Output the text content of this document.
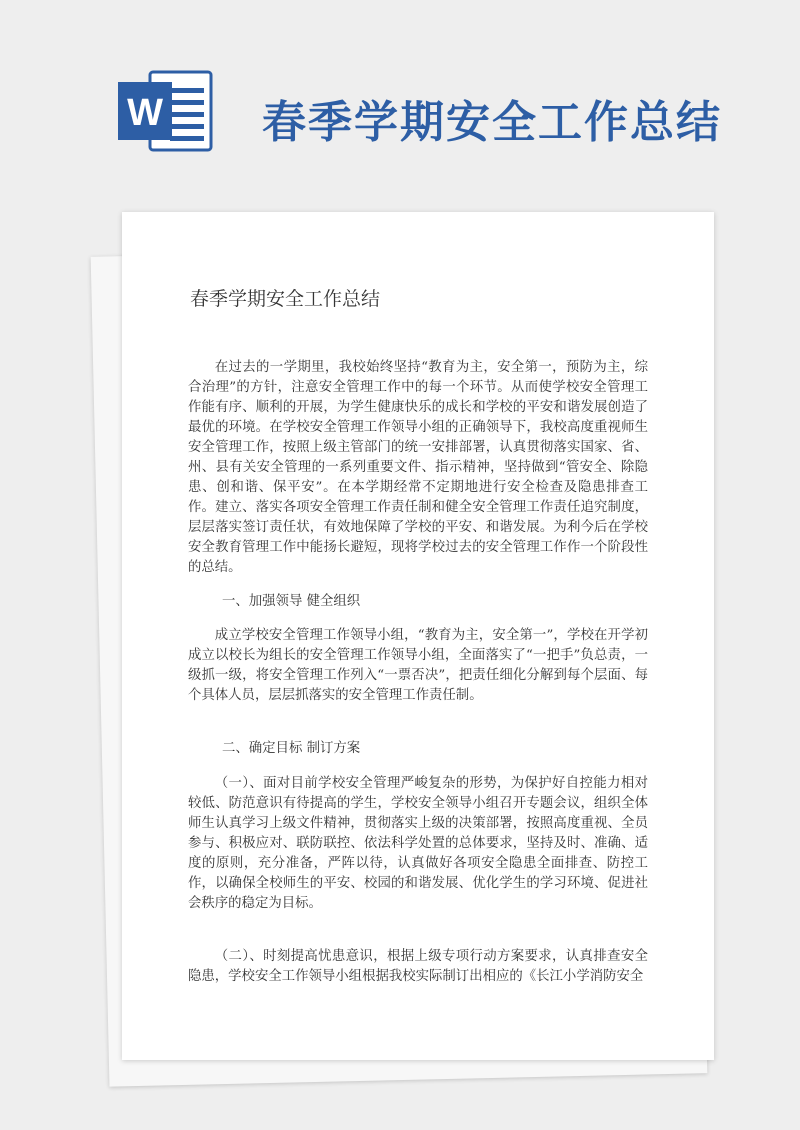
W 春季学期安全工作总结
春季学期安全工作总结

在过去的一学期里，我校始终坚持“教育为主，安全第一，预防为主，综合治理”的方针，注意安全管理工作中的每一个环节。从而使学校安全管理工作能有序、顺利的开展，为学生健康快乐的成长和学校的平安和谐发展创造了最优的环境。在学校安全管理工作领导小组的正确领导下，我校高度重视师生安全管理工作，按照上级主管部门的统一安排部署，认真贯彻落实国家、省、州、县有关安全管理的一系列重要文件、指示精神，坚持做到“管安全、除隐患、创和谐、保平安”。在本学期经常不定期地进行安全检查及隐患排查工作。建立、落实各项安全管理工作责任制和健全安全管理工作责任追究制度，层层落实签订责任状，有效地保障了学校的平安、和谐发展。为利今后在学校安全教育管理工作中能扬长避短，现将学校过去的安全管理工作作一个阶段性的总结。

一、加强领导 健全组织

成立学校安全管理工作领导小组，“教育为主，安全第一”，学校在开学初成立以校长为组长的安全管理工作领导小组，全面落实了“一把手”负总责，一级抓一级，将安全管理工作列入“一票否决”，把责任细化分解到每个层面、每个具体人员，层层抓落实的安全管理工作责任制。

二、确定目标 制订方案

（一）、面对目前学校安全管理严峻复杂的形势，为保护好自控能力相对较低、防范意识有待提高的学生，学校安全领导小组召开专题会议，组织全体师生认真学习上级文件精神，贯彻落实上级的决策部署，按照高度重视、全员参与、积极应对、联防联控、依法科学处置的总体要求，坚持及时、准确、适度的原则，充分准备，严阵以待，认真做好各项安全隐患全面排查、防控工作，以确保全校师生的平安、校园的和谐发展、优化学生的学习环境、促进社会秩序的稳定为目标。

（二）、时刻提高忧患意识，根据上级专项行动方案要求，认真排查安全隐患，学校安全工作领导小组根据我校实际制订出相应的《长江小学消防安全
